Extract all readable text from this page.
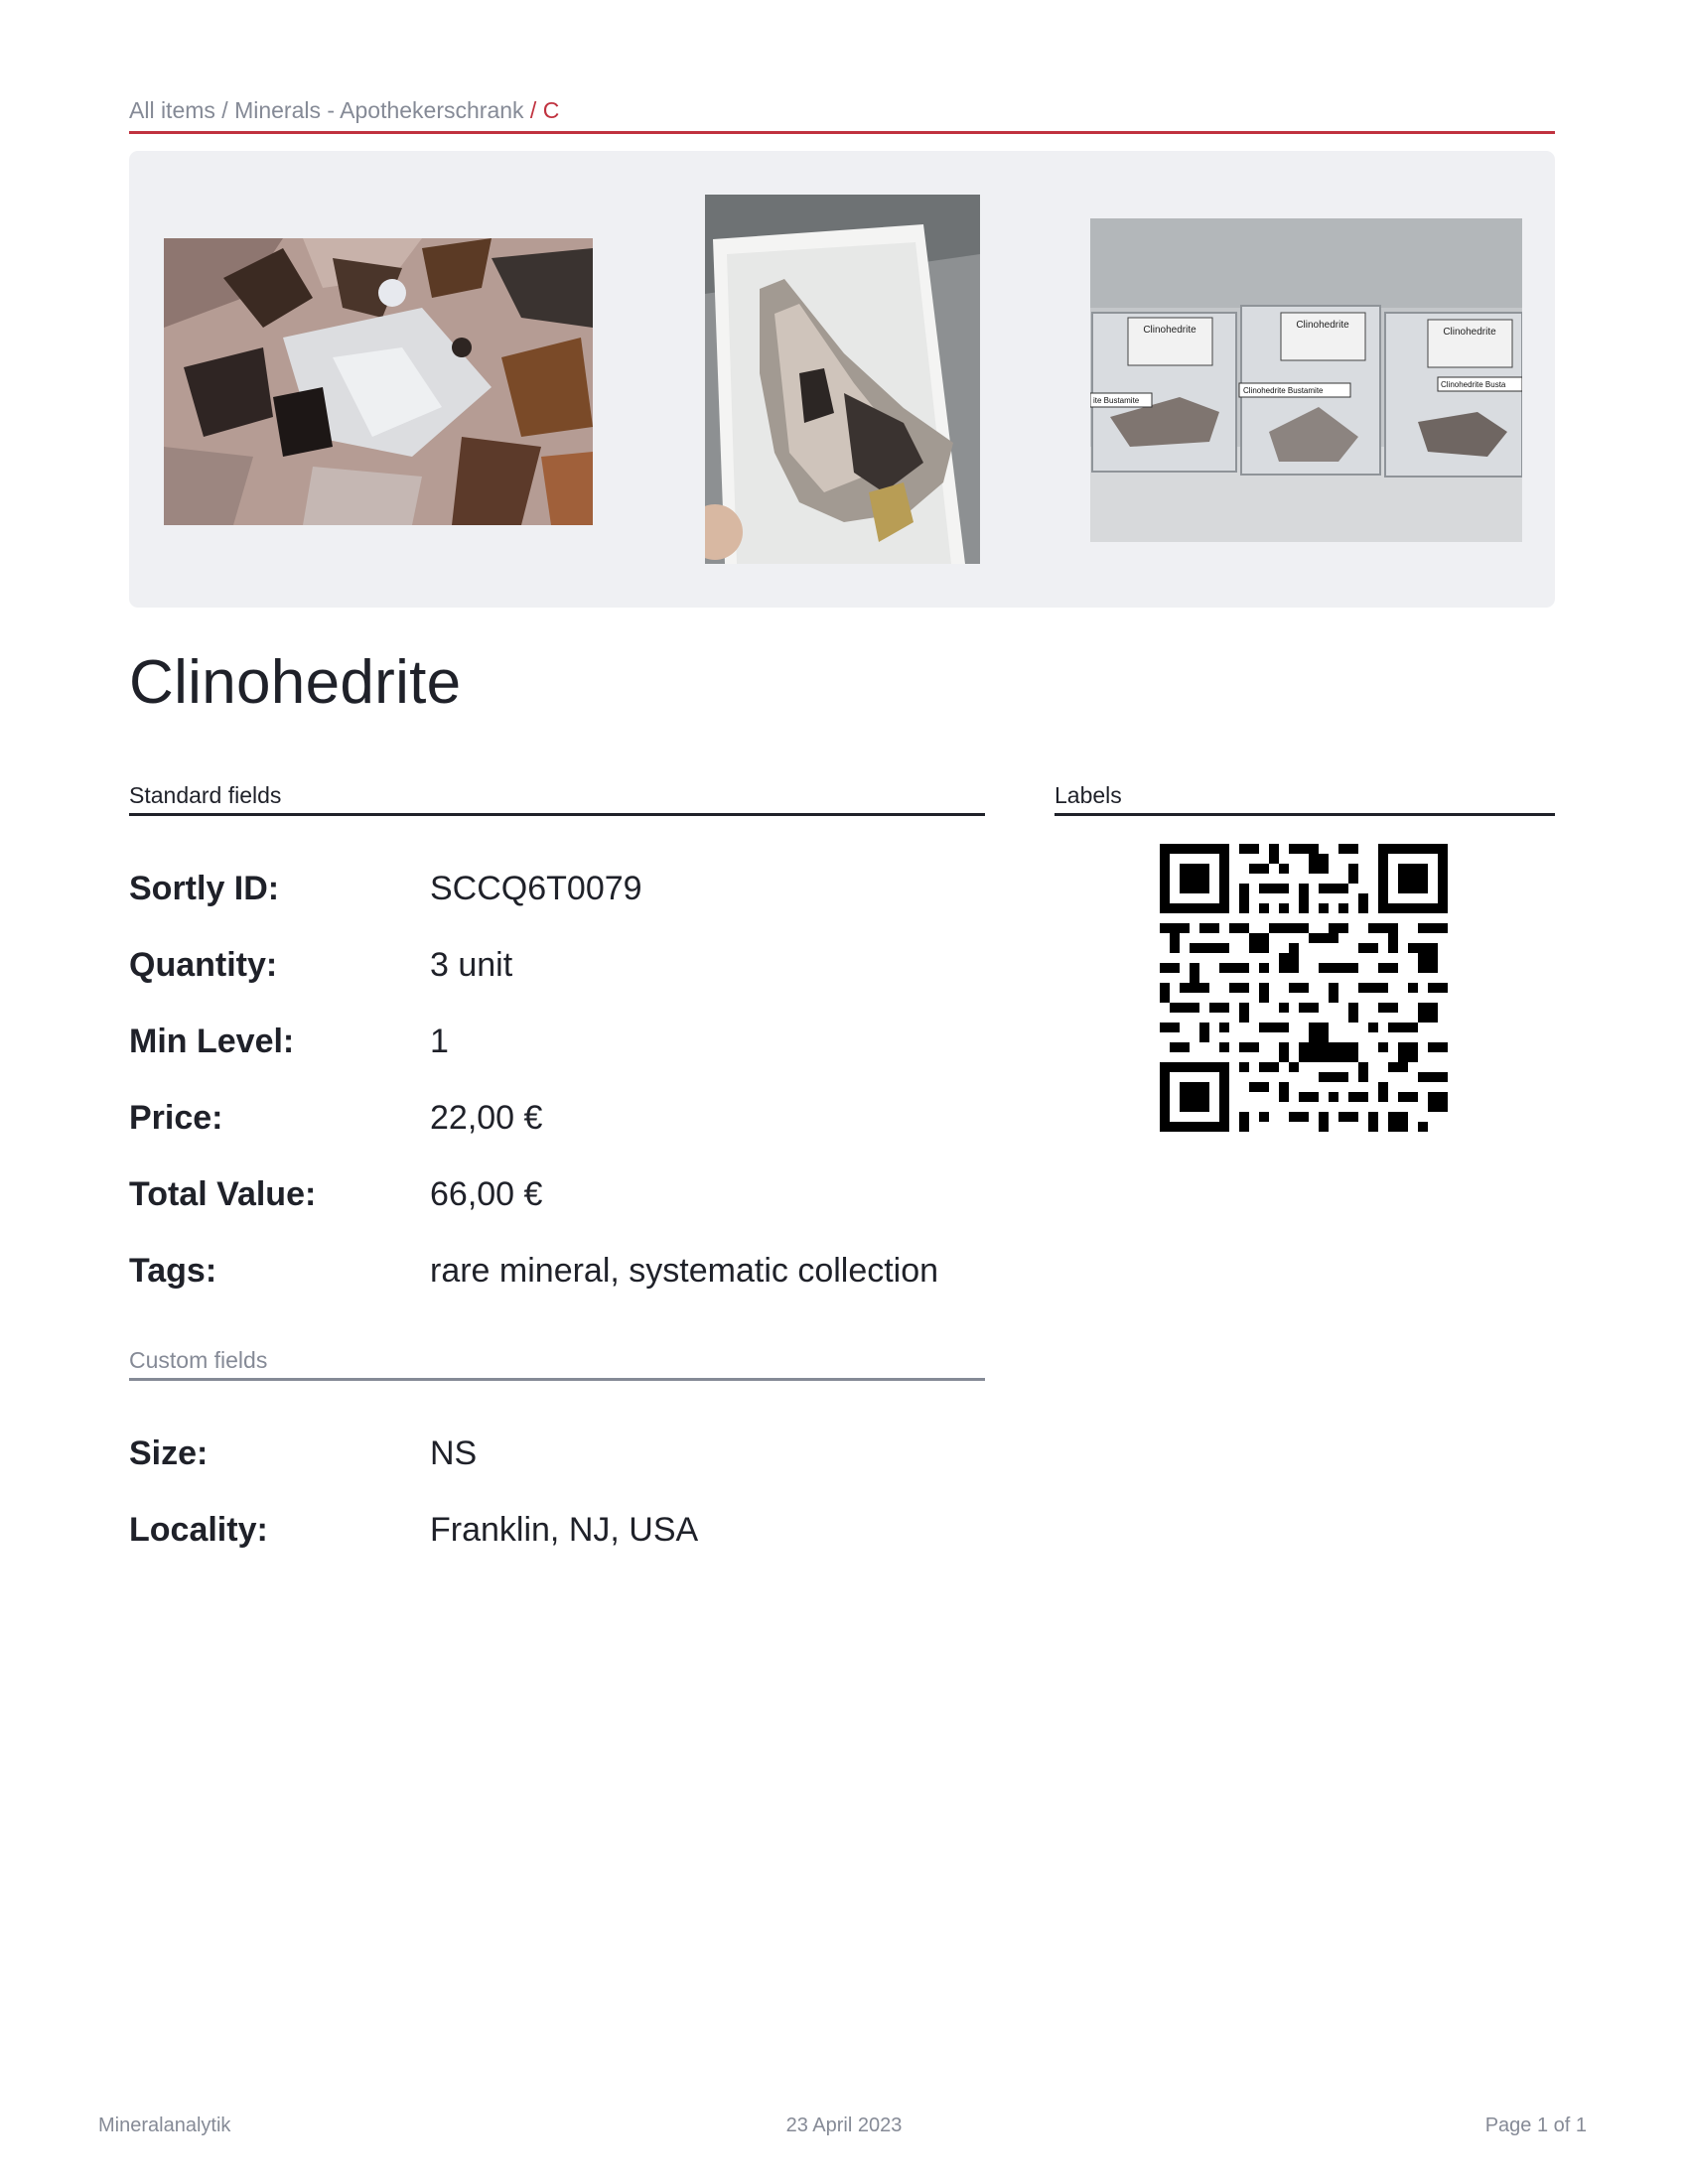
All items / Minerals - Apothekerschrank / C
Clinohedrite	Clinohedrite
Clinohedrite
ite Bustamite
Clinohedrite Bustamite
Clinohedrite Busta
Clinohedrite
Standard fields	Labels
Sortly ID:	SCCQ6T0079
Quantity:	3 unit
Min Level:	1
Price:	22,00 €
Total Value:	66,00 €
Tags:	rare mineral, systematic collection
Custom fields
Size:	NS
Locality:	Franklin, NJ, USA
Mineralanalytik	23 April 2023	Page 1 of 1
